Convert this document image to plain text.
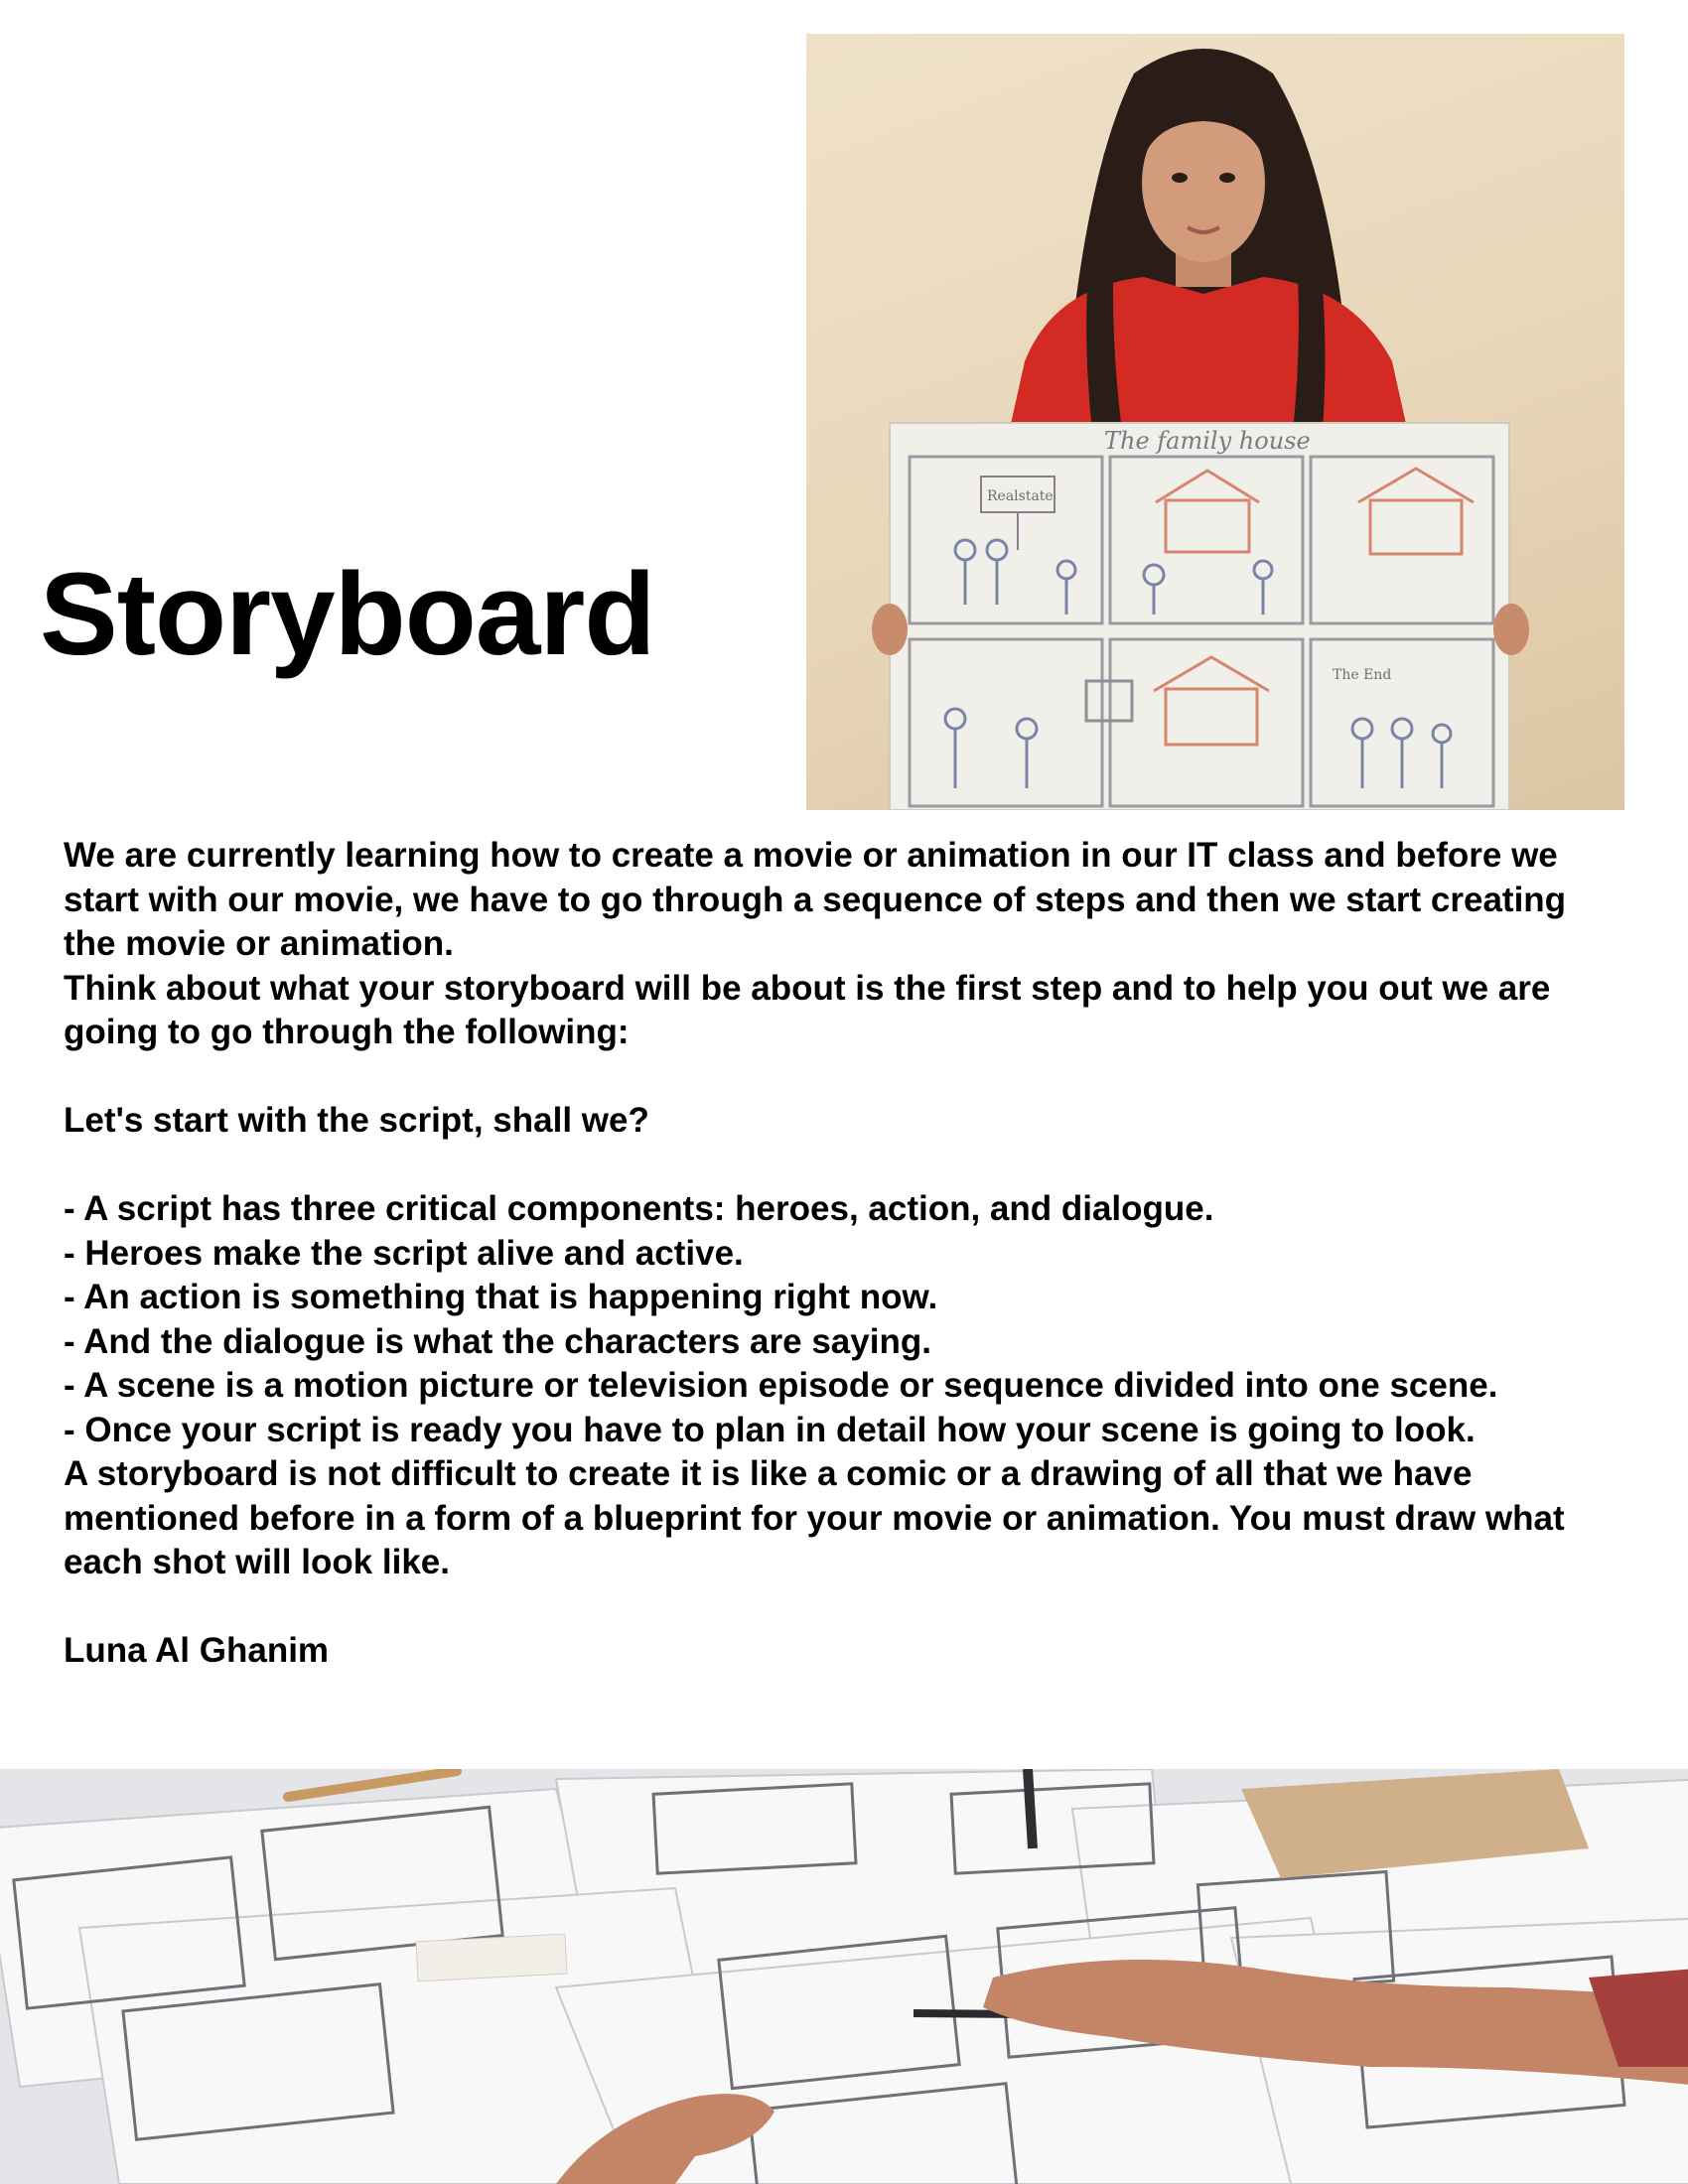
Storyboard
The family house
Realstate
The End

We are currently learning how to create a movie or animation in our IT class and before we start with our movie, we have to go through a sequence of steps and then we start creating the movie or animation.

Think about what your storyboard will be about is the first step and to help you out we are going to go through the following:

Let's start with the script, shall we?

- A script has three critical components: heroes, action, and dialogue.

- Heroes make the script alive and active.

- An action is something that is happening right now.

- And the dialogue is what the characters are saying.

- A scene is a motion picture or television episode or sequence divided into one scene.

- Once your script is ready you have to plan in detail how your scene is going to look.

A storyboard is not difficult to create it is like a comic or a drawing of all that we have mentioned before in a form of a blueprint for your movie or animation. You must draw what each shot will look like.

Luna Al Ghanim
